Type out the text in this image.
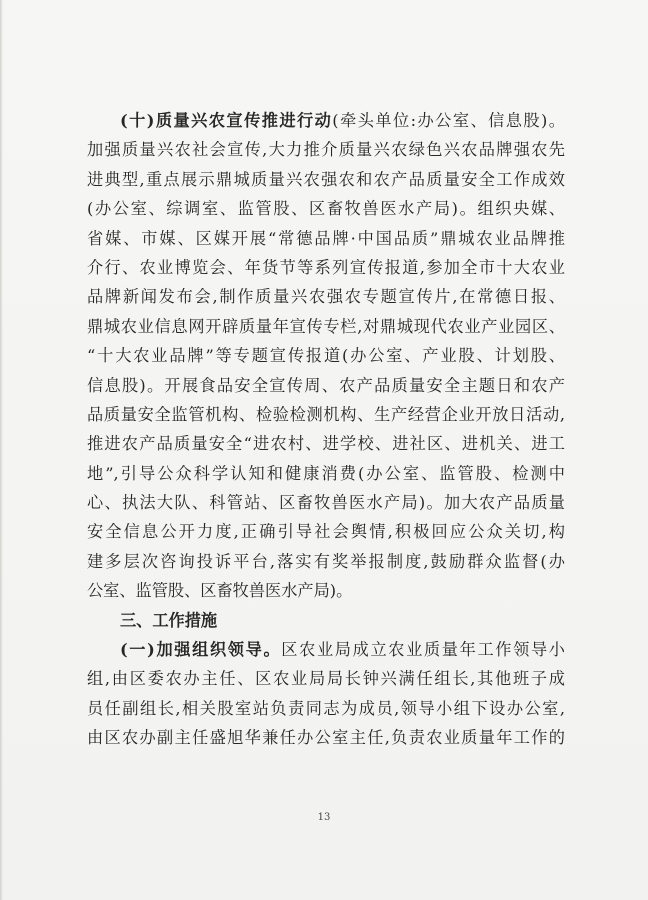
(十)质量兴农宣传推进行动(牵头单位:办公室、信息股)。
加强质量兴农社会宣传,大力推介质量兴农绿色兴农品牌强农先
进典型,重点展示鼎城质量兴农强农和农产品质量安全工作成效
(办公室、综调室、监管股、区畜牧兽医水产局)。组织央媒、
省媒、市媒、区媒开展“常德品牌·中国品质”鼎城农业品牌推
介行、农业博览会、年货节等系列宣传报道,参加全市十大农业
品牌新闻发布会,制作质量兴农强农专题宣传片,在常德日报、
鼎城农业信息网开辟质量年宣传专栏,对鼎城现代农业产业园区、
“十大农业品牌”等专题宣传报道(办公室、产业股、计划股、
信息股)。开展食品安全宣传周、农产品质量安全主题日和农产
品质量安全监管机构、检验检测机构、生产经营企业开放日活动,
推进农产品质量安全“进农村、进学校、进社区、进机关、进工
地”,引导公众科学认知和健康消费(办公室、监管股、检测中
心、执法大队、科管站、区畜牧兽医水产局)。加大农产品质量
安全信息公开力度,正确引导社会舆情,积极回应公众关切,构
建多层次咨询投诉平台,落实有奖举报制度,鼓励群众监督(办
公室、监管股、区畜牧兽医水产局)。
三、工作措施
(一)加强组织领导。区农业局成立农业质量年工作领导小
组,由区委农办主任、区农业局局长钟兴满任组长,其他班子成
员任副组长,相关股室站负责同志为成员,领导小组下设办公室,
由区农办副主任盛旭华兼任办公室主任,负责农业质量年工作的
13
